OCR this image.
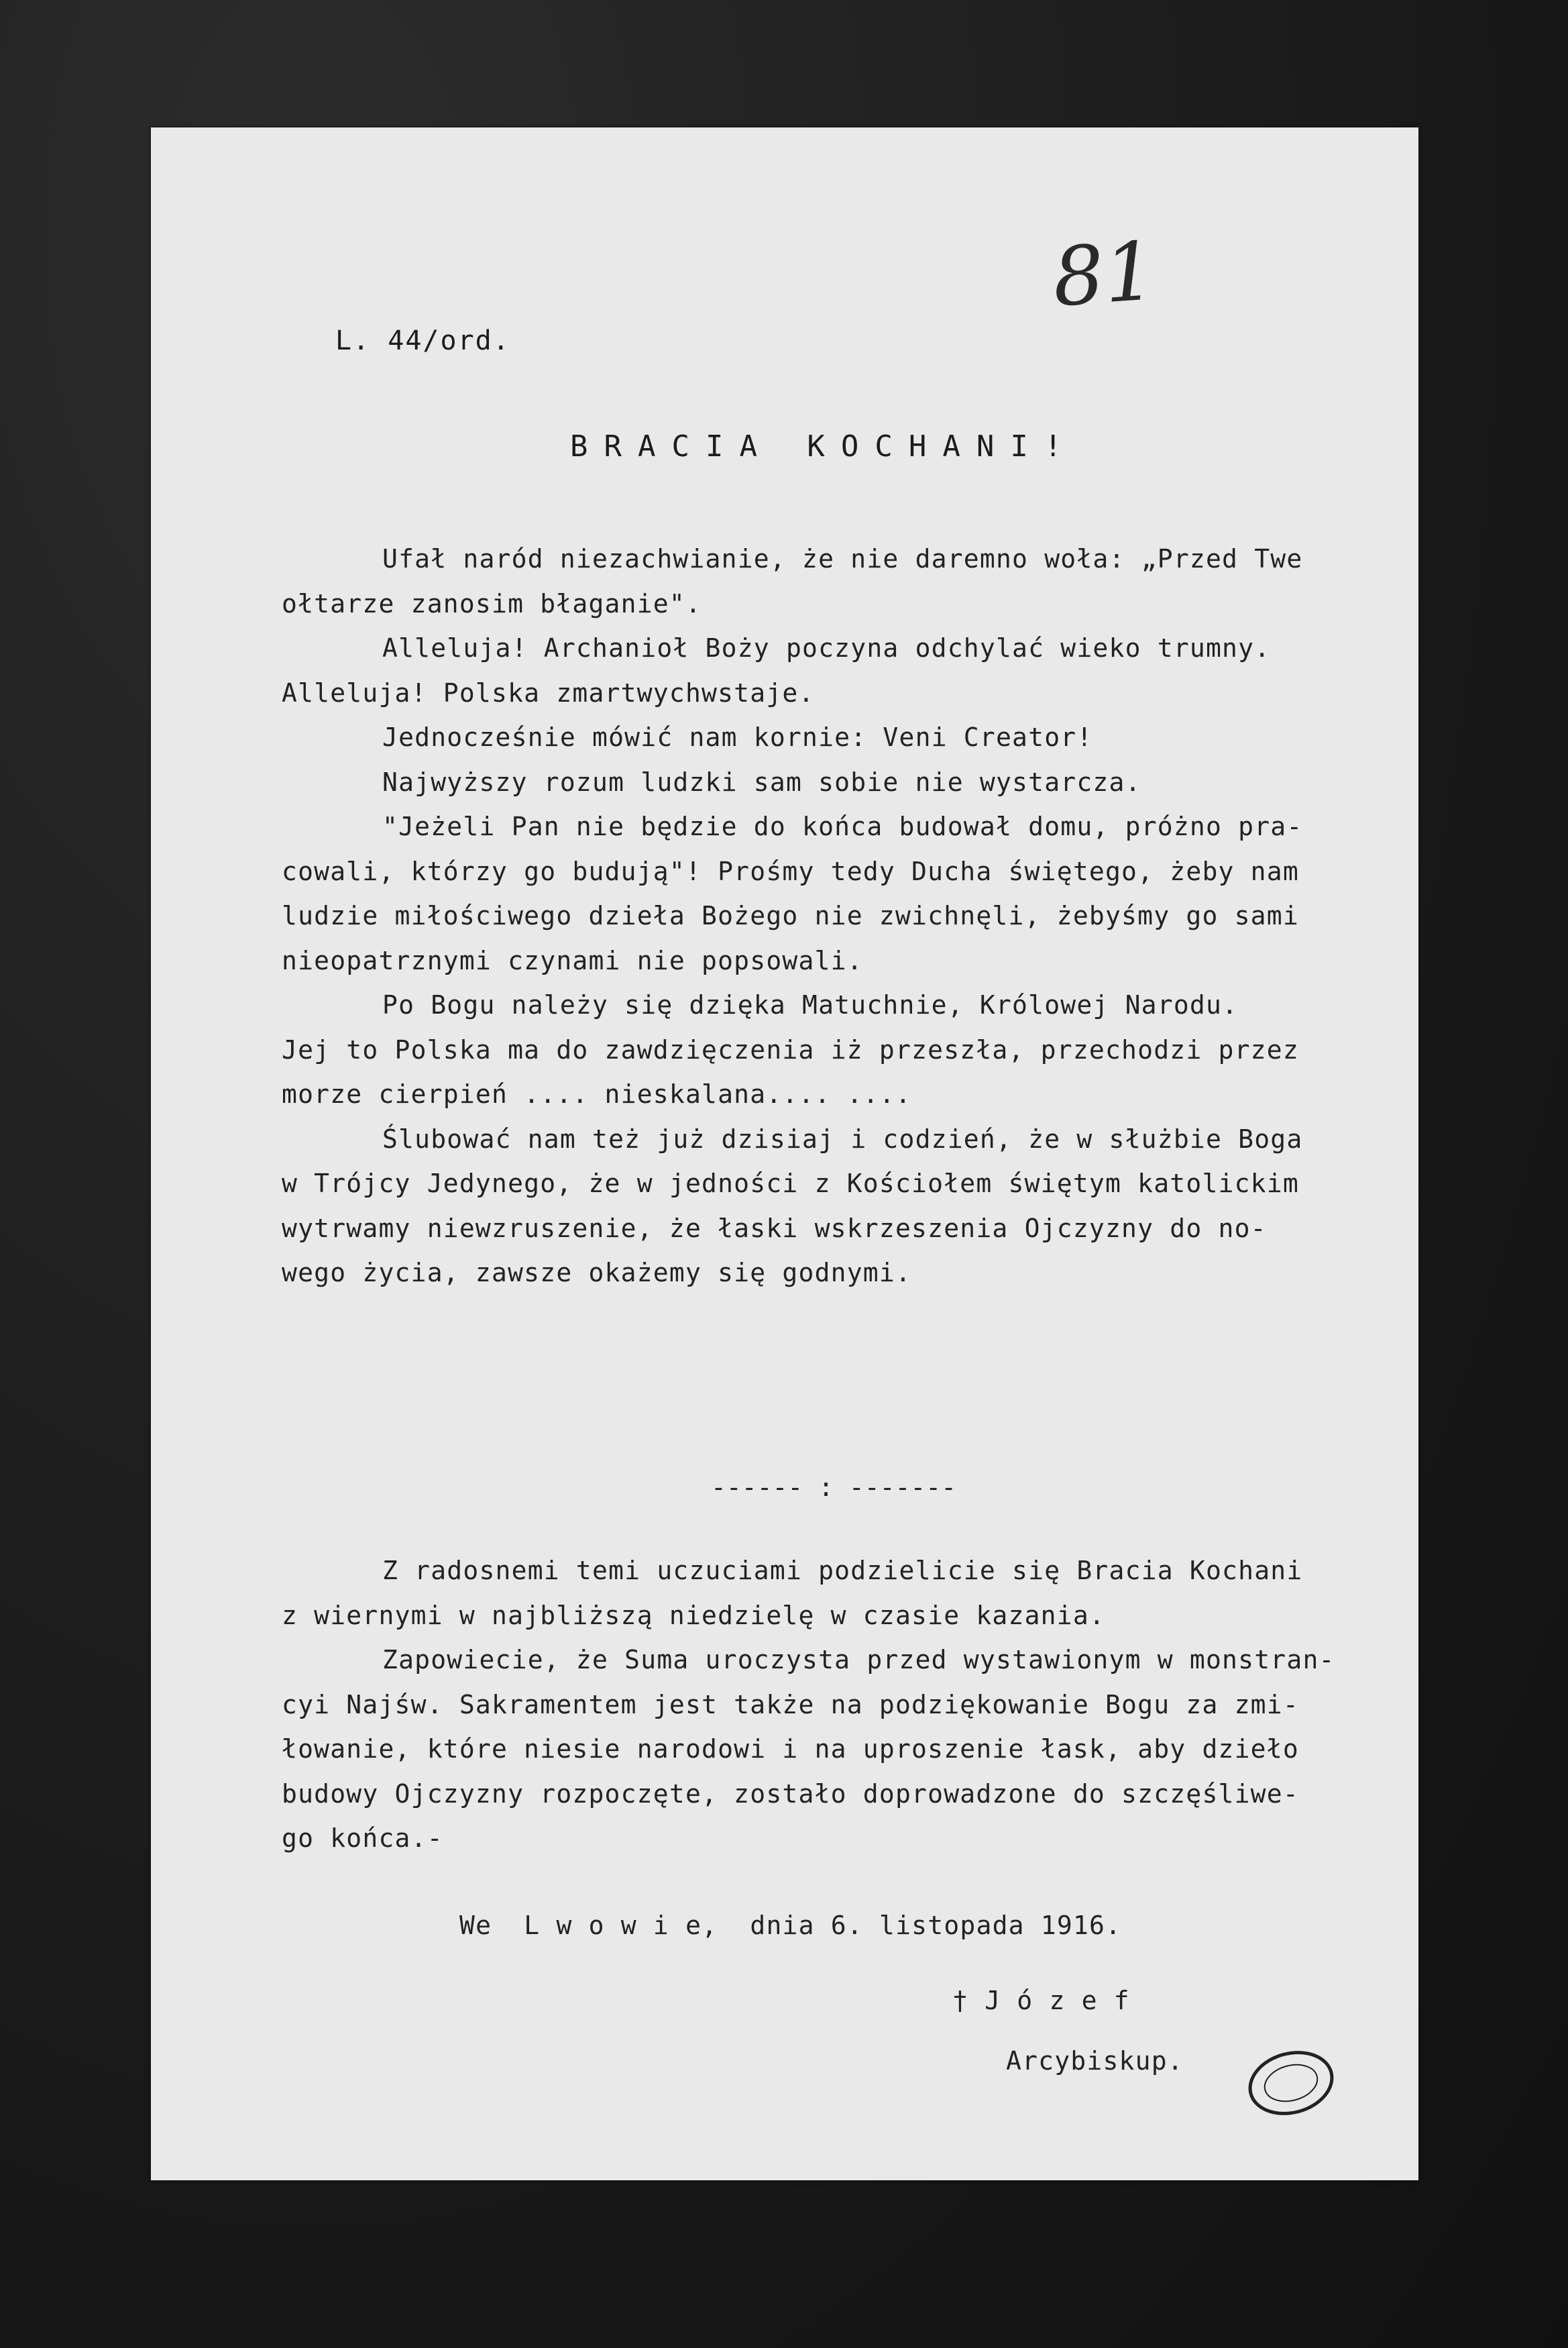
81
L. 44/ord.
BRACIA KOCHANI!
Ufał naród niezachwianie, że nie daremno woła: „Przed Twe
ołtarze zanosim błaganie".
Alleluja! Archanioł Boży poczyna odchylać wieko trumny.
Alleluja! Polska zmartwychwstaje.
Jednocześnie mówić nam kornie: Veni Creator!
Najwyższy rozum ludzki sam sobie nie wystarcza.
"Jeżeli Pan nie będzie do końca budował domu, próżno pra-
cowali, którzy go budują"! Prośmy tedy Ducha świętego, żeby nam
ludzie miłościwego dzieła Bożego nie zwichnęli, żebyśmy go sami
nieopatrznymi czynami nie popsowali.
Po Bogu należy się dzięka Matuchnie, Królowej Narodu.
Jej to Polska ma do zawdzięczenia iż przeszła, przechodzi przez
morze cierpień .... nieskalana.... ....
Ślubować nam też już dzisiaj i codzień, że w służbie Boga
w Trójcy Jedynego, że w jedności z Kościołem świętym katolickim
wytrwamy niewzruszenie, że łaski wskrzeszenia Ojczyzny do no-
wego życia, zawsze okażemy się godnymi.
------ : -------
Z radosnemi temi uczuciami podzielicie się Bracia Kochani
z wiernymi w najbliższą niedzielę w czasie kazania.
Zapowiecie, że Suma uroczysta przed wystawionym w monstran-
cyi Najśw. Sakramentem jest także na podziękowanie Bogu za zmi-
łowanie, które niesie narodowi i na uproszenie łask, aby dzieło
budowy Ojczyzny rozpoczęte, zostało doprowadzone do szczęśliwe-
go końca.-
We  L w o w i e,  dnia 6. listopada 1916.
† J ó z e f
Arcybiskup.
